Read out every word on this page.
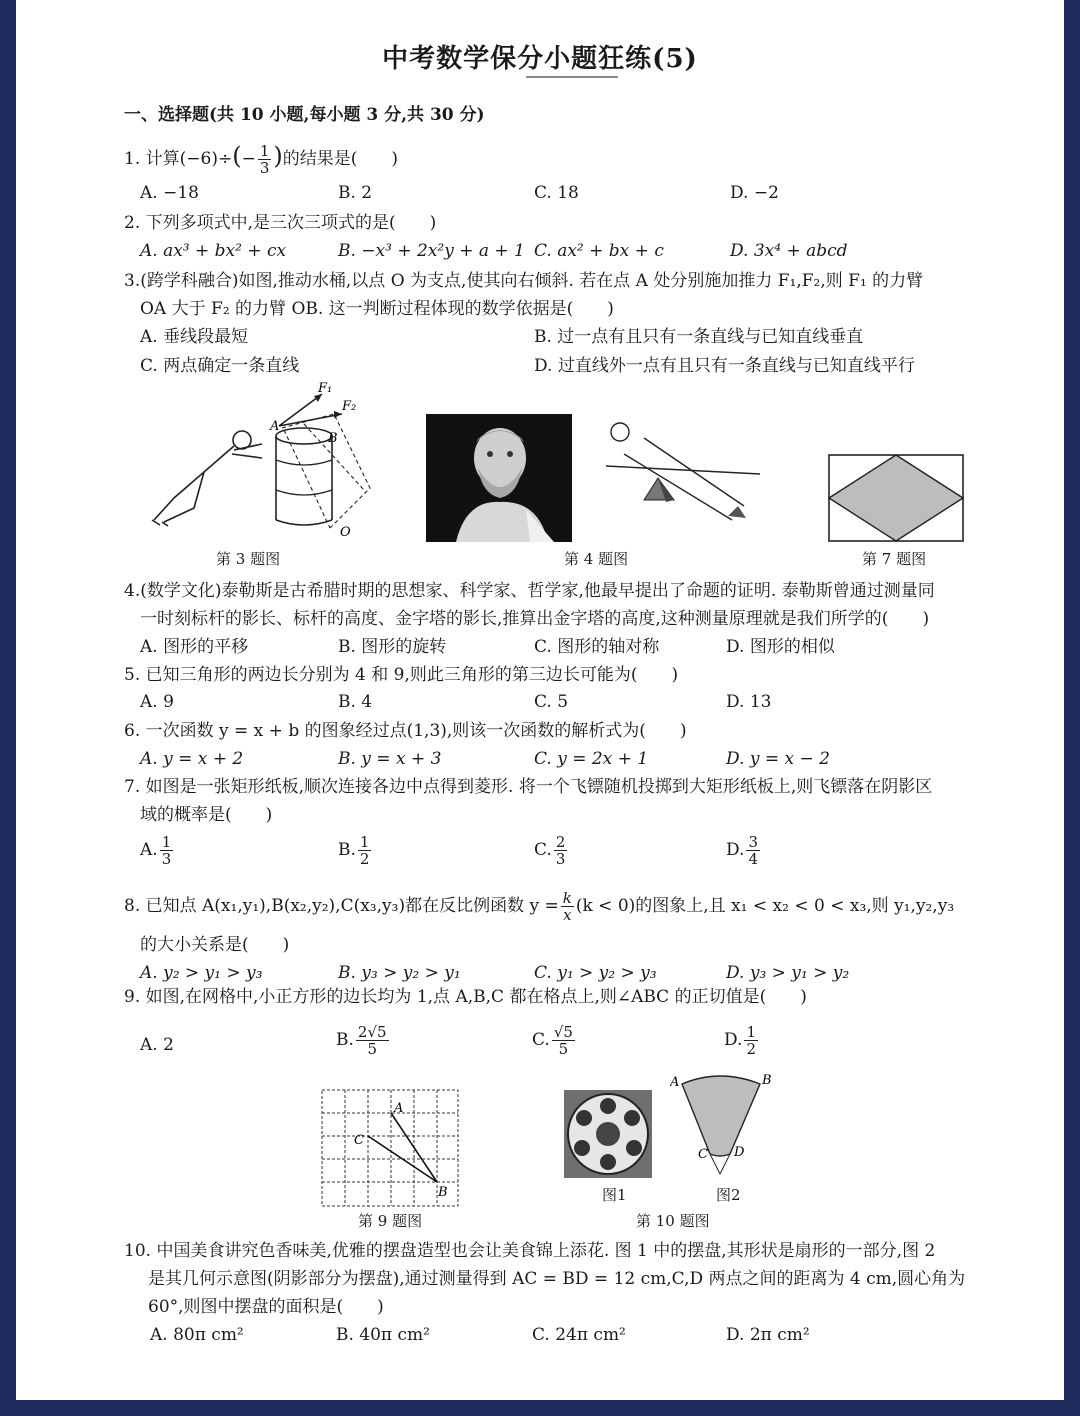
中考数学保分小题狂练(5)
一、选择题(共 10 小题,每小题 3 分,共 30 分)
1. 计算$(-6)\div(- \frac{1}{3}$ )的结果是(　　)
A. −18	B. 2	C. 18	D. −2
2. 下列多项式中,是三次三项式的是(　　)
A. ax³ + bx² + cx	B. −x³ + 2x²y + a + 1 C. ax² + bx + c	D. 3x⁴ + abcd
3.(跨学科融合)如图,推动水桶,以点 O 为支点,使其向右倾斜. 若在点 A 处分别施加推力 F₁,F₂,则 F₁ 的力臂
OA 大于 F₂ 的力臂 OB. 这一判断过程体现的数学依据是(　　)
A. 垂线段最短	B. 过一点有且只有一条直线与已知直线垂直
C. 两点确定一条直线	D. 过直线外一点有且只有一条直线与已知直线平行
A
B
O
F₁
F₂
第 3 题图	第 4 题图	第 7 题图
4.(数学文化)泰勒斯是古希腊时期的思想家、科学家、哲学家,他最早提出了命题的证明. 泰勒斯曾通过测量同
一时刻标杆的影长、标杆的高度、金字塔的影长,推算出金字塔的高度,这种测量原理就是我们所学的(　　)
A. 图形的平移	B. 图形的旋转	C. 图形的轴对称	D. 图形的相似
5. 已知三角形的两边长分别为 4 和 9,则此三角形的第三边长可能为(　　)
A. 9	B. 4	C. 5	D. 13
6. 一次函数 y = x + b 的图象经过点(1,3),则该一次函数的解析式为(　　)
A. y = x + 2	B. y = x + 3	C. y = 2x + 1	D. y = x − 2
7. 如图是一张矩形纸板,顺次连接各边中点得到菱形. 将一个飞镖随机投掷到大矩形纸板上,则飞镖落在阴影区
域的概率是(　　)
A. $\frac{1}{3}$	B. $\frac{1}{2}$	C. $\frac{2}{3}$	D. $\frac{3}{4}$
8. 已知点 A(x₁,y₁),B(x₂,y₂),C(x₃,y₃)都在反比例函数 $y = \frac{k}{x} (k < 0)$的图象上,且 x₁ < x₂ < 0 < x₃,则 y₁,y₂,y₃
的大小关系是(　　)
A. y₂ > y₁ > y₃	B. y₃ > y₂ > y₁	C. y₁ > y₂ > y₃	D. y₃ > y₁ > y₂
9. 如图,在网格中,小正方形的边长均为 1,点 A,B,C 都在格点上,则∠ABC 的正切值是(　　)
A. 2	B. $\frac{2√5}{5}$	C. $\frac{√5}{5}$	D. $\frac{1}{2}$
A
B
C
第 9 题图
图1
A	B
C D
图2
第 10 题图
10. 中国美食讲究色香味美,优雅的摆盘造型也会让美食锦上添花. 图 1 中的摆盘,其形状是扇形的一部分,图 2
是其几何示意图(阴影部分为摆盘),通过测量得到 AC = BD = 12 cm,C,D 两点之间的距离为 4 cm,圆心角为
60°,则图中摆盘的面积是(　　)
A. 80π cm²	B. 40π cm²	C. 24π cm²	D. 2π cm²
